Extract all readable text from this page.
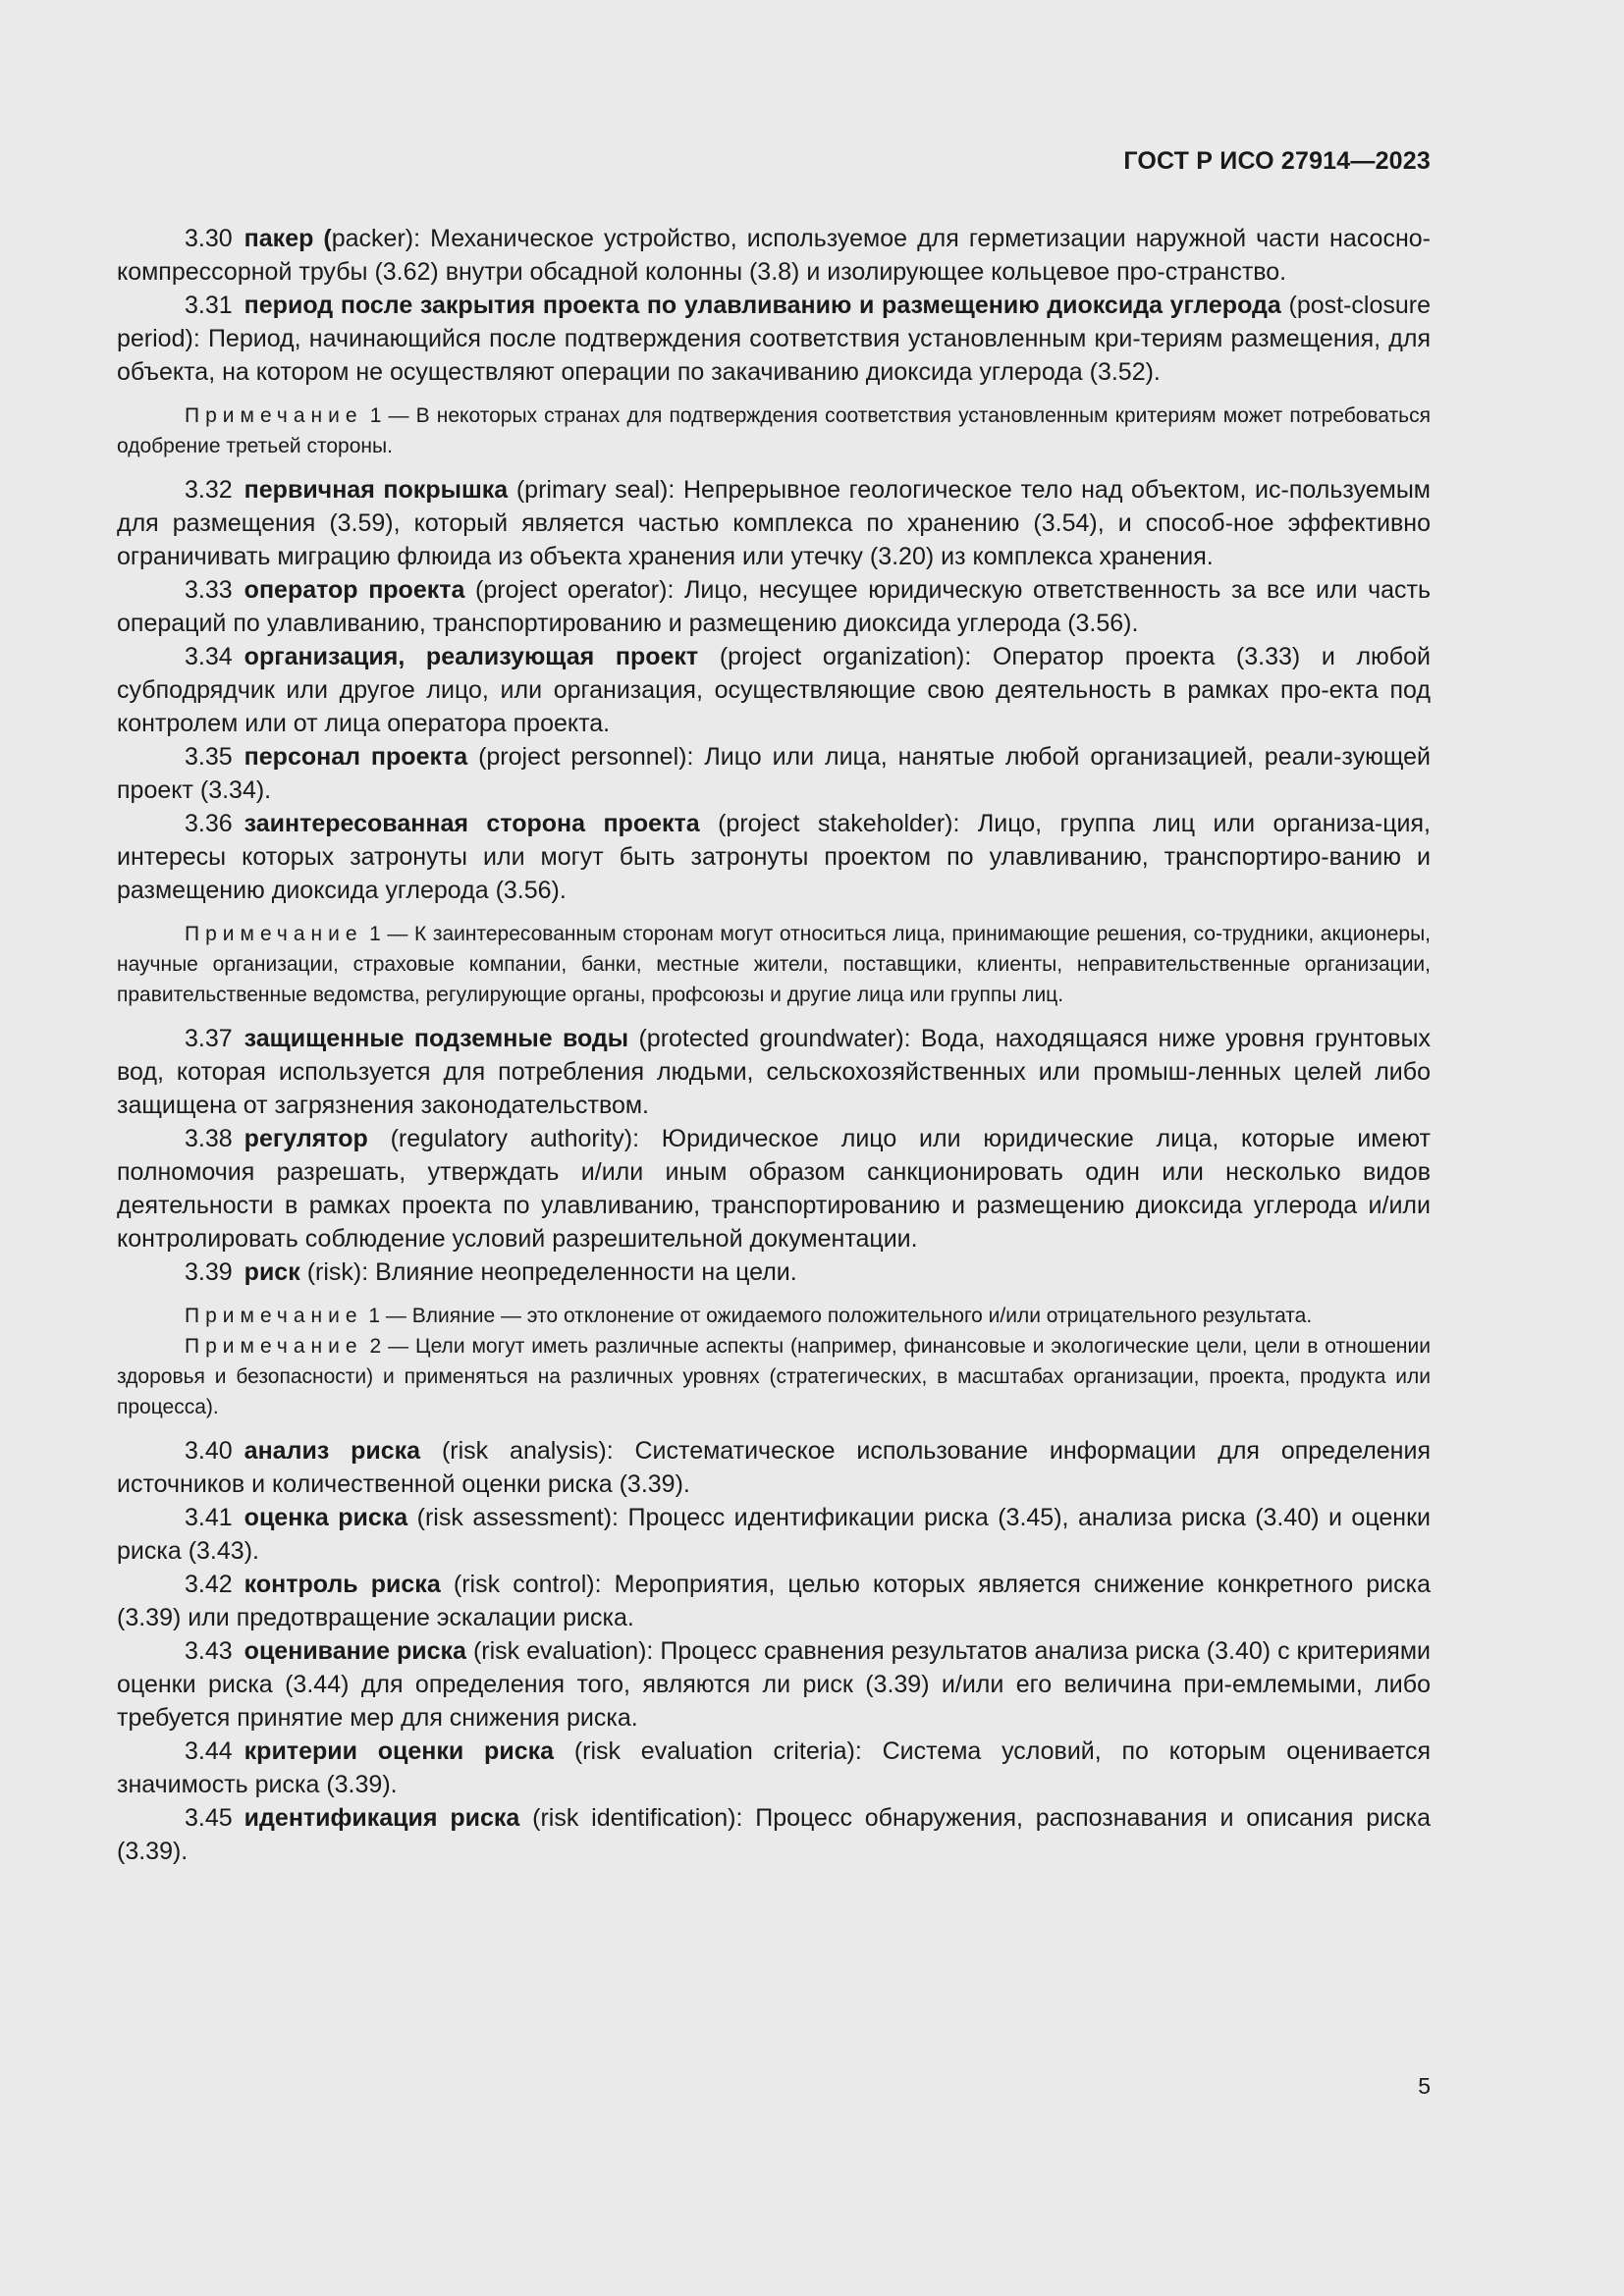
ГОСТ Р ИСО 27914—2023

3.30 пакер (packer): Механическое устройство, используемое для герметизации наружной части насосно-компрессорной трубы (3.62) внутри обсадной колонны (3.8) и изолирующее кольцевое про-странство.

3.31 период после закрытия проекта по улавливанию и размещению диоксида углерода (post-closure period): Период, начинающийся после подтверждения соответствия установленным кри-териям размещения, для объекта, на котором не осуществляют операции по закачиванию диоксида углерода (3.52).

Примечание 1 — В некоторых странах для подтверждения соответствия установленным критериям может потребоваться одобрение третьей стороны.

3.32 первичная покрышка (primary seal): Непрерывное геологическое тело над объектом, ис-пользуемым для размещения (3.59), который является частью комплекса по хранению (3.54), и способ-ное эффективно ограничивать миграцию флюида из объекта хранения или утечку (3.20) из комплекса хранения.

3.33 оператор проекта (project operator): Лицо, несущее юридическую ответственность за все или часть операций по улавливанию, транспортированию и размещению диоксида углерода (3.56).

3.34 организация, реализующая проект (project organization): Оператор проекта (3.33) и любой субподрядчик или другое лицо, или организация, осуществляющие свою деятельность в рамках про-екта под контролем или от лица оператора проекта.

3.35 персонал проекта (project personnel): Лицо или лица, нанятые любой организацией, реали-зующей проект (3.34).

3.36 заинтересованная сторона проекта (project stakeholder): Лицо, группа лиц или организа-ция, интересы которых затронуты или могут быть затронуты проектом по улавливанию, транспортиро-ванию и размещению диоксида углерода (3.56).

Примечание 1 — К заинтересованным сторонам могут относиться лица, принимающие решения, со-трудники, акционеры, научные организации, страховые компании, банки, местные жители, поставщики, клиенты, неправительственные организации, правительственные ведомства, регулирующие органы, профсоюзы и другие лица или группы лиц.

3.37 защищенные подземные воды (protected groundwater): Вода, находящаяся ниже уровня грунтовых вод, которая используется для потребления людьми, сельскохозяйственных или промыш-ленных целей либо защищена от загрязнения законодательством.

3.38 регулятор (regulatory authority): Юридическое лицо или юридические лица, которые имеют полномочия разрешать, утверждать и/или иным образом санкционировать один или несколько видов деятельности в рамках проекта по улавливанию, транспортированию и размещению диоксида углерода и/или контролировать соблюдение условий разрешительной документации.

3.39 риск (risk): Влияние неопределенности на цели.

Примечание 1 — Влияние — это отклонение от ожидаемого положительного и/или отрицательного результата.

Примечание 2 — Цели могут иметь различные аспекты (например, финансовые и экологические цели, цели в отношении здоровья и безопасности) и применяться на различных уровнях (стратегических, в масштабах организации, проекта, продукта или процесса).

3.40 анализ риска (risk analysis): Систематическое использование информации для определения источников и количественной оценки риска (3.39).

3.41 оценка риска (risk assessment): Процесс идентификации риска (3.45), анализа риска (3.40) и оценки риска (3.43).

3.42 контроль риска (risk control): Мероприятия, целью которых является снижение конкретного риска (3.39) или предотвращение эскалации риска.

3.43 оценивание риска (risk evaluation): Процесс сравнения результатов анализа риска (3.40) с критериями оценки риска (3.44) для определения того, являются ли риск (3.39) и/или его величина при-емлемыми, либо требуется принятие мер для снижения риска.

3.44 критерии оценки риска (risk evaluation criteria): Система условий, по которым оценивается значимость риска (3.39).

3.45 идентификация риска (risk identification): Процесс обнаружения, распознавания и описания риска (3.39).

5
